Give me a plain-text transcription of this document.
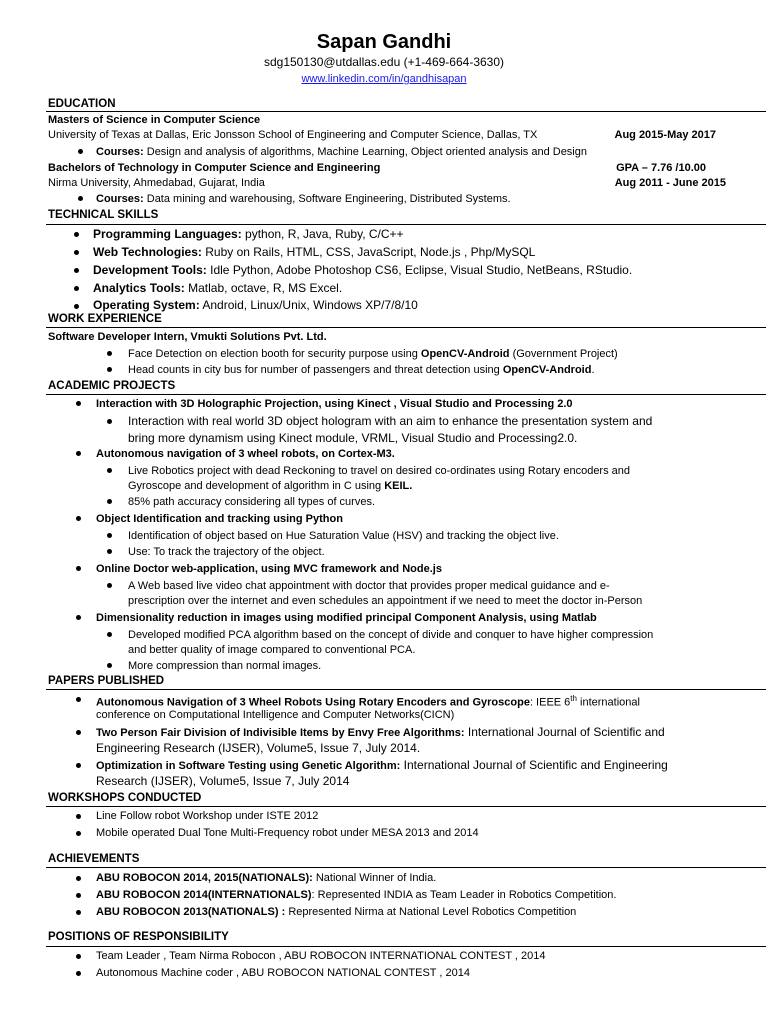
Sapan Gandhi
sdg150130@utdallas.edu (+1-469-664-3630)
www.linkedin.com/in/gandhisapan
EDUCATION
Masters of Science in Computer Science
University of Texas at Dallas, Eric Jonsson School of Engineering and Computer Science, Dallas, TX	Aug 2015-May 2017
Courses: Design and analysis of algorithms, Machine Learning, Object oriented analysis and Design
Bachelors of Technology in Computer Science and Engineering	GPA – 7.76 /10.00
Nirma University, Ahmedabad, Gujarat, India	Aug 2011 - June 2015
Courses: Data mining and warehousing, Software Engineering, Distributed Systems.
TECHNICAL SKILLS
Programming Languages: python, R, Java, Ruby, C/C++
Web Technologies: Ruby on Rails, HTML, CSS, JavaScript, Node.js , Php/MySQL
Development Tools: Idle Python, Adobe Photoshop CS6, Eclipse, Visual Studio, NetBeans, RStudio.
Analytics Tools: Matlab, octave, R, MS Excel.
Operating System: Android, Linux/Unix, Windows XP/7/8/10
WORK EXPERIENCE
Software Developer Intern, Vmukti Solutions Pvt. Ltd.
Face Detection on election booth for security purpose using OpenCV-Android (Government Project)
Head counts in city bus for number of passengers and threat detection using OpenCV-Android.
ACADEMIC PROJECTS
Interaction with 3D Holographic Projection, using Kinect , Visual Studio and Processing 2.0
Interaction with real world 3D object hologram with an aim to enhance the presentation system and
bring more dynamism using Kinect module, VRML, Visual Studio and Processing2.0.
Autonomous navigation of 3 wheel robots, on Cortex-M3.
Live Robotics project with dead Reckoning to travel on desired co-ordinates using Rotary encoders and
Gyroscope and development of algorithm in C using KEIL.
85% path accuracy considering all types of curves.
Object Identification and tracking using Python
Identification of object based on Hue Saturation Value (HSV) and tracking the object live.
Use: To track the trajectory of the object.
Online Doctor web-application, using MVC framework and Node.js
A Web based live video chat appointment with doctor that provides proper medical guidance and e-
prescription over the internet and even schedules an appointment if we need to meet the doctor in-Person
Dimensionality reduction in images using modified principal Component Analysis, using Matlab
Developed modified PCA algorithm based on the concept of divide and conquer to have higher compression
and better quality of image compared to conventional PCA.
More compression than normal images.
PAPERS PUBLISHED
Autonomous Navigation of 3 Wheel Robots Using Rotary Encoders and Gyroscope: IEEE 6th international
conference on Computational Intelligence and Computer Networks(CICN)
Two Person Fair Division of Indivisible Items by Envy Free Algorithms: International Journal of Scientific and
Engineering Research (IJSER), Volume5, Issue 7, July 2014.
Optimization in Software Testing using Genetic Algorithm: International Journal of Scientific and Engineering
Research (IJSER), Volume5, Issue 7, July 2014
WORKSHOPS CONDUCTED
Line Follow robot Workshop under ISTE 2012
Mobile operated Dual Tone Multi-Frequency robot under MESA 2013 and 2014
ACHIEVEMENTS
ABU ROBOCON 2014, 2015(NATIONALS): National Winner of India.
ABU ROBOCON 2014(INTERNATIONALS): Represented INDIA as Team Leader in Robotics Competition.
ABU ROBOCON 2013(NATIONALS) : Represented Nirma at National Level Robotics Competition
POSITIONS OF RESPONSIBILITY
Team Leader , Team Nirma Robocon , ABU ROBOCON INTERNATIONAL CONTEST , 2014
Autonomous Machine coder , ABU ROBOCON NATIONAL CONTEST , 2014
